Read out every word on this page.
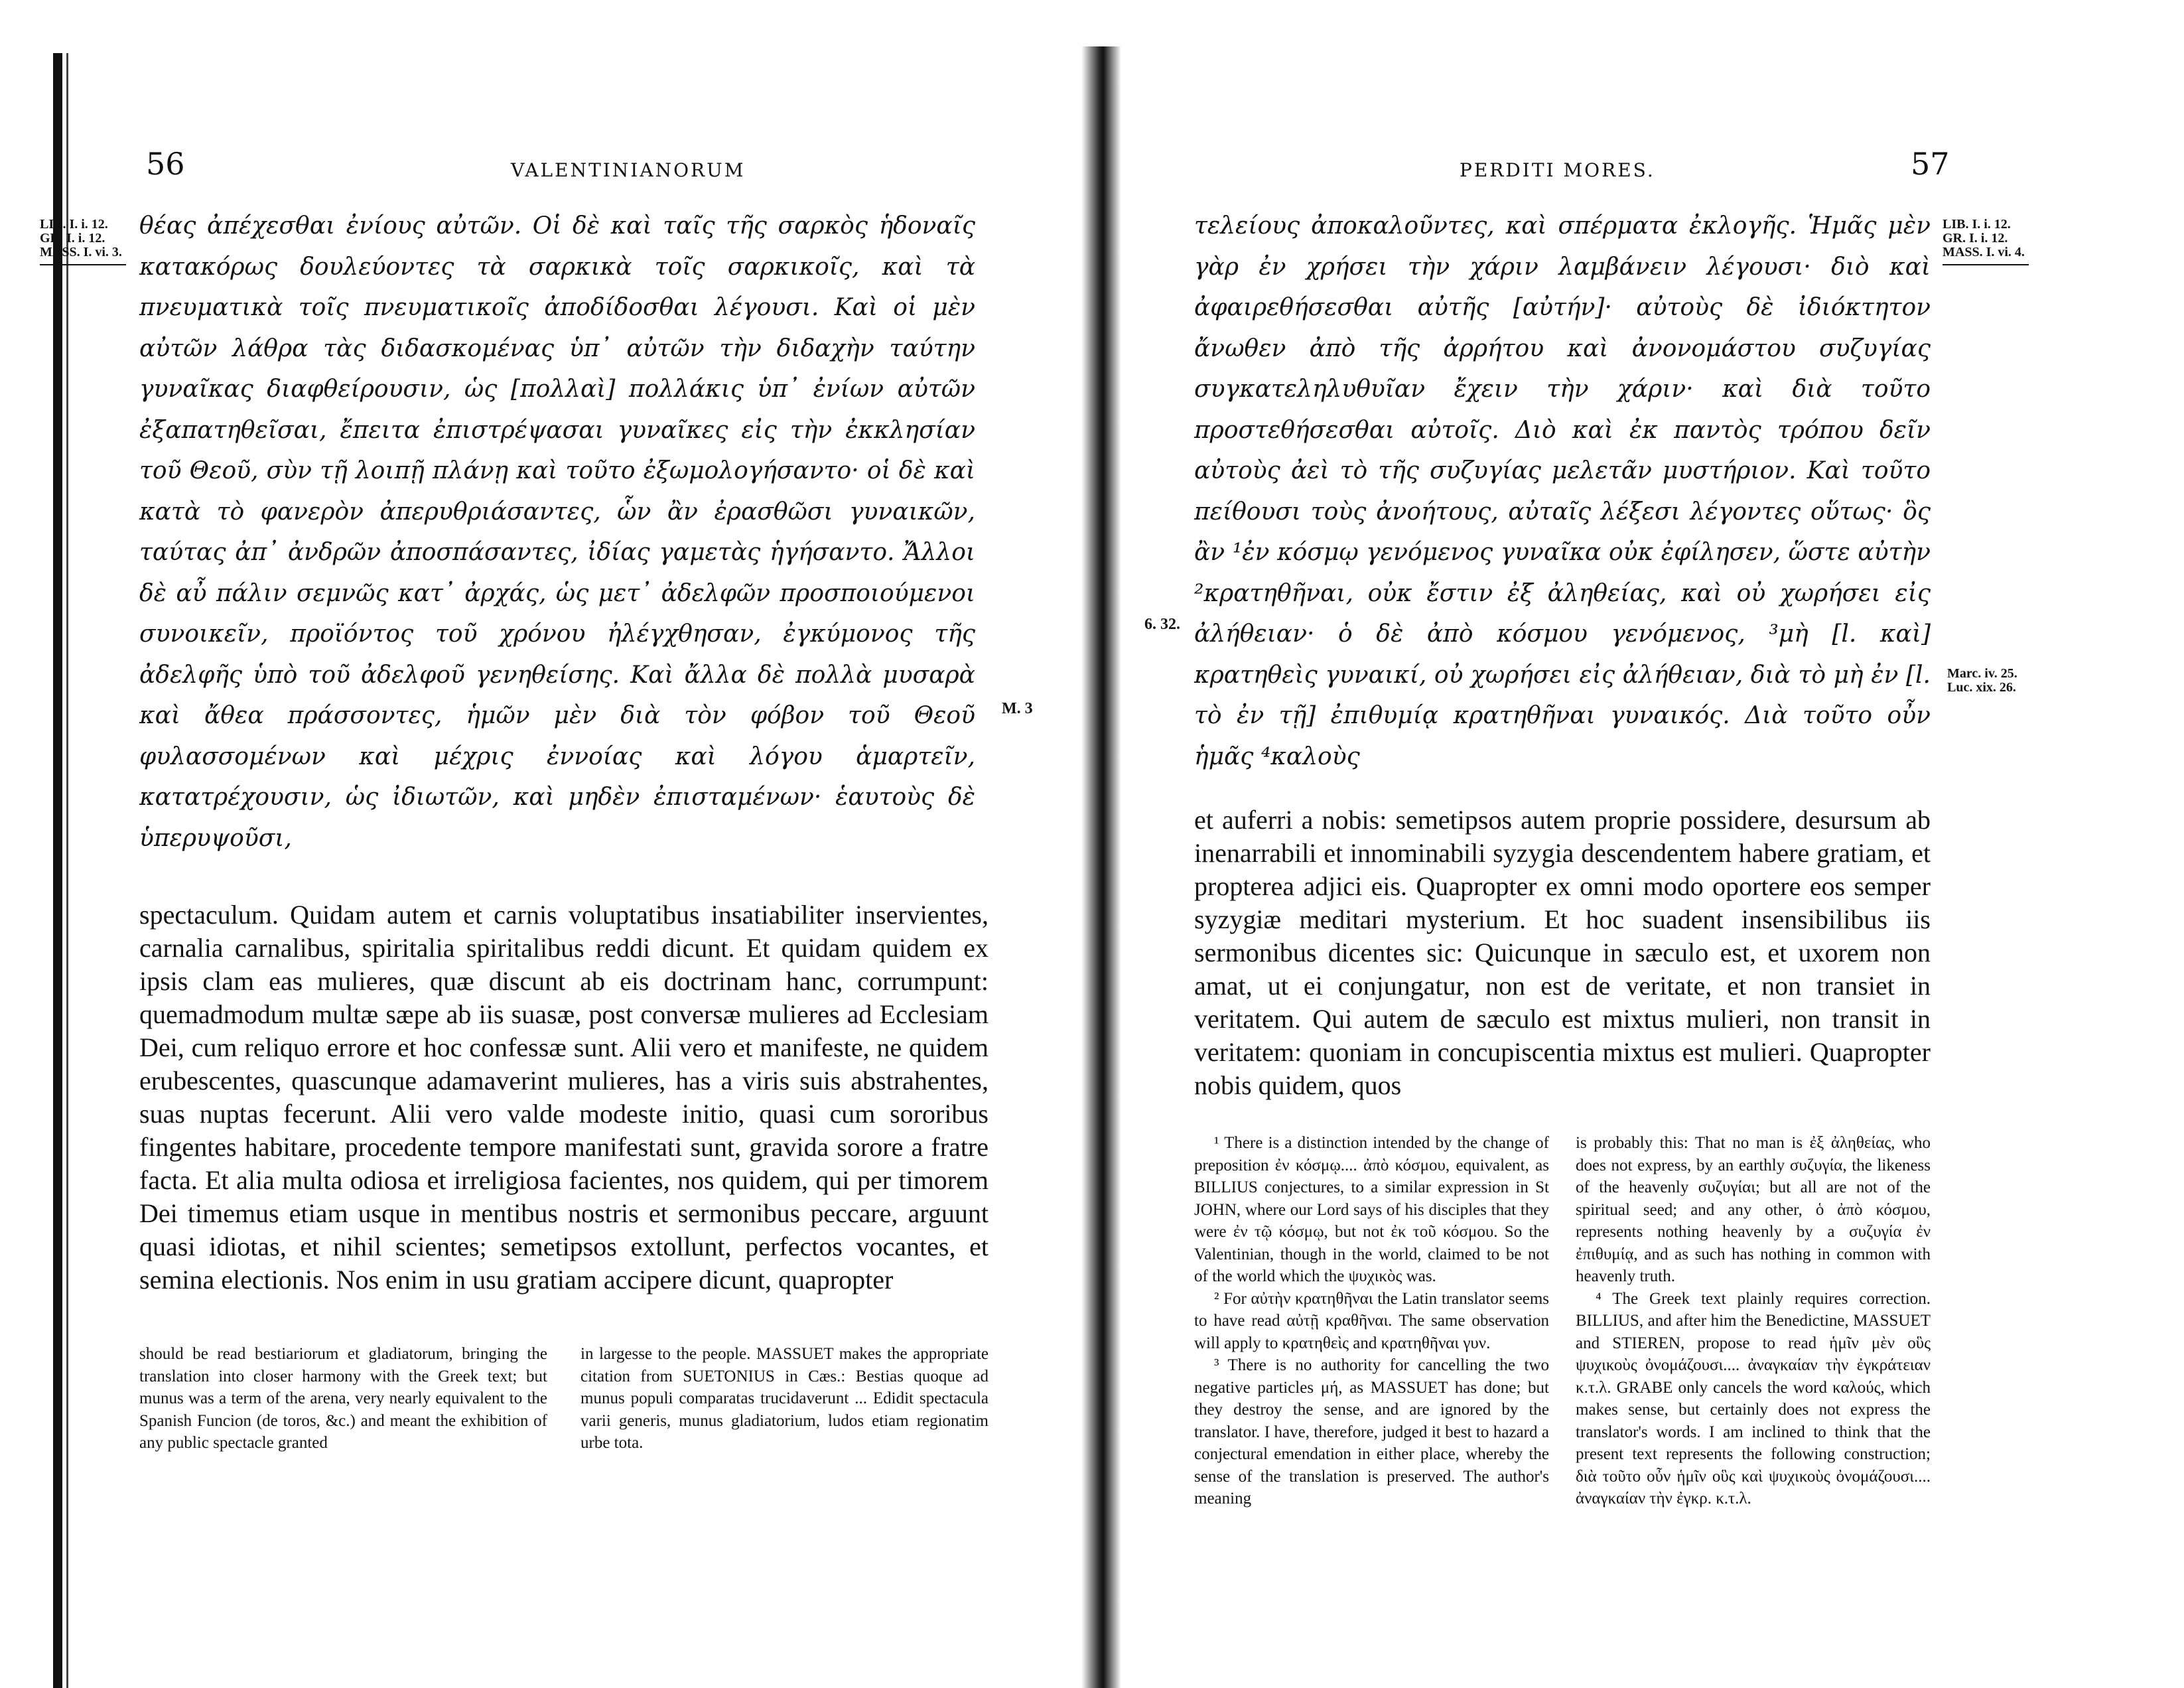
56	VALENTINIANORUM
LIB. I. i. 12.
GR. I. i. 12.
MASS. I. vi. 3.
M. 3
θέας ἀπέχεσθαι ἐνίους αὐτῶν. Οἱ δὲ καὶ ταῖς τῆς σαρκὸς ἡδοναῖς κατακόρως δουλεύοντες τὰ σαρκικὰ τοῖς σαρκικοῖς, καὶ τὰ πνευματικὰ τοῖς πνευματικοῖς ἀποδίδοσθαι λέγουσι. Καὶ οἱ μὲν αὐτῶν λάθρα τὰς διδασκομένας ὑπ᾽ αὐτῶν τὴν διδαχὴν ταύτην γυναῖκας διαφθείρουσιν, ὡς [πολλαὶ] πολλάκις ὑπ᾽ ἐνίων αὐτῶν ἐξαπατηθεῖσαι, ἔπειτα ἐπιστρέψασαι γυναῖκες εἰς τὴν ἐκκλησίαν τοῦ Θεοῦ, σὺν τῇ λοιπῇ πλάνῃ καὶ τοῦτο ἐξωμολογήσαντο· οἱ δὲ καὶ κατὰ τὸ φανερὸν ἀπερυθριάσαντες, ὧν ἂν ἐρασθῶσι γυναικῶν, ταύτας ἀπ᾽ ἀνδρῶν ἀποσπάσαντες, ἰδίας γαμετὰς ἡγήσαντο. Ἄλλοι δὲ αὖ πάλιν σεμνῶς κατ᾽ ἀρχάς, ὡς μετ᾽ ἀδελφῶν προσποιούμενοι συνοικεῖν, προϊόντος τοῦ χρόνου ἠλέγχθησαν, ἐγκύμονος τῆς ἀδελφῆς ὑπὸ τοῦ ἀδελφοῦ γενηθείσης. Καὶ ἄλλα δὲ πολλὰ μυσαρὰ καὶ ἄθεα πράσσοντες, ἡμῶν μὲν διὰ τὸν φόβον τοῦ Θεοῦ φυλασσομένων καὶ μέχρις ἐννοίας καὶ λόγου ἁμαρτεῖν, κατατρέχουσιν, ὡς ἰδιωτῶν, καὶ μηδὲν ἐπισταμένων· ἑαυτοὺς δὲ ὑπερυψοῦσι,
spectaculum. Quidam autem et carnis voluptatibus insatiabiliter inservientes, carnalia carnalibus, spiritalia spiritalibus reddi dicunt. Et quidam quidem ex ipsis clam eas mulieres, quæ discunt ab eis doctrinam hanc, corrumpunt: quemadmodum multæ sæpe ab iis suasæ, post conversæ mulieres ad Ecclesiam Dei, cum reliquo errore et hoc confessæ sunt. Alii vero et manifeste, ne quidem erubescentes, quascunque adamaverint mulieres, has a viris suis abstrahentes, suas nuptas fecerunt. Alii vero valde modeste initio, quasi cum sororibus fingentes habitare, procedente tempore manifestati sunt, gravida sorore a fratre facta. Et alia multa odiosa et irreligiosa facientes, nos quidem, qui per timorem Dei timemus etiam usque in mentibus nostris et sermonibus peccare, arguunt quasi idiotas, et nihil scientes; semetipsos extollunt, perfectos vocantes, et semina electionis. Nos enim in usu gratiam accipere dicunt, quapropter

should be read bestiariorum et gladiatorum, bringing the translation into closer harmony with the Greek text; but munus was a term of the arena, very nearly equivalent to the Spanish Funcion (de toros, &c.) and meant the exhibition of any public spectacle granted

in largesse to the people. MASSUET makes the appropriate citation from SUETONIUS in Cæs.: Bestias quoque ad munus populi comparatas trucidaverunt ... Edidit spectacula varii generis, munus gladiatorium, ludos etiam regionatim urbe tota.

PERDITI MORES.	57
LIB. I. i. 12.
GR. I. i. 12.
MASS. I. vi. 4.
6. 32.
Marc. iv. 25.
Luc. xix. 26.
τελείους ἀποκαλοῦντες, καὶ σπέρματα ἐκλογῆς. Ἡμᾶς μὲν γὰρ ἐν χρήσει τὴν χάριν λαμβάνειν λέγουσι· διὸ καὶ ἀφαιρεθήσεσθαι αὐτῆς [αὐτήν]· αὐτοὺς δὲ ἰδιόκτητον ἄνωθεν ἀπὸ τῆς ἀρρήτου καὶ ἀνονομάστου συζυγίας συγκατεληλυθυῖαν ἔχειν τὴν χάριν· καὶ διὰ τοῦτο προστεθήσεσθαι αὐτοῖς. Διὸ καὶ ἐκ παντὸς τρόπου δεῖν αὐτοὺς ἀεὶ τὸ τῆς συζυγίας μελετᾶν μυστήριον. Καὶ τοῦτο πείθουσι τοὺς ἀνοήτους, αὐταῖς λέξεσι λέγοντες οὕτως· ὃς ἂν ¹ἐν κόσμῳ γενόμενος γυναῖκα οὐκ ἐφίλησεν, ὥστε αὐτὴν ²κρατηθῆναι, οὐκ ἔστιν ἐξ ἀληθείας, καὶ οὐ χωρήσει εἰς ἀλήθειαν· ὁ δὲ ἀπὸ κόσμου γενόμενος, ³μὴ [l. καὶ] κρατηθεὶς γυναικί, οὐ χωρήσει εἰς ἀλήθειαν, διὰ τὸ μὴ ἐν [l. τὸ ἐν τῇ] ἐπιθυμίᾳ κρατηθῆναι γυναικός. Διὰ τοῦτο οὖν ἡμᾶς ⁴καλοὺς
et auferri a nobis: semetipsos autem proprie possidere, desursum ab inenarrabili et innominabili syzygia descendentem habere gratiam, et propterea adjici eis. Quapropter ex omni modo oportere eos semper syzygiæ meditari mysterium. Et hoc suadent insensibilibus iis sermonibus dicentes sic: Quicunque in sæculo est, et uxorem non amat, ut ei conjungatur, non est de veritate, et non transiet in veritatem. Qui autem de sæculo est mixtus mulieri, non transit in veritatem: quoniam in concupiscentia mixtus est mulieri. Quapropter nobis quidem, quos

¹ There is a distinction intended by the change of preposition ἐν κόσμῳ.... ἀπὸ κόσμου, equivalent, as BILLIUS conjectures, to a similar expression in St JOHN, where our Lord says of his disciples that they were ἐν τῷ κόσμῳ, but not ἐκ τοῦ κόσμου. So the Valentinian, though in the world, claimed to be not of the world which the ψυχικὸς was.

² For αὐτὴν κρατηθῆναι the Latin translator seems to have read αὐτῇ κραθῆναι. The same observation will apply to κρατηθεὶς and κρατηθῆναι γυν.

³ There is no authority for cancelling the two negative particles μή, as MASSUET has done; but they destroy the sense, and are ignored by the translator. I have, therefore, judged it best to hazard a conjectural emendation in either place, whereby the sense of the translation is preserved. The author's meaning

is probably this: That no man is ἐξ ἀληθείας, who does not express, by an earthly συζυγία, the likeness of the heavenly συζυγίαι; but all are not of the spiritual seed; and any other, ὁ ἀπὸ κόσμου, represents nothing heavenly by a συζυγία ἐν ἐπιθυμίᾳ, and as such has nothing in common with heavenly truth.

⁴ The Greek text plainly requires correction. BILLIUS, and after him the Benedictine, MASSUET and STIEREN, propose to read ἡμῖν μὲν οὓς ψυχικοὺς ὀνομάζουσι.... ἀναγκαίαν τὴν ἐγκράτειαν κ.τ.λ. GRABE only cancels the word καλούς, which makes sense, but certainly does not express the translator's words. I am inclined to think that the present text represents the following construction; διὰ τοῦτο οὖν ἡμῖν οὓς καὶ ψυχικοὺς ὀνομάζουσι.... ἀναγκαίαν τὴν ἐγκρ. κ.τ.λ.
